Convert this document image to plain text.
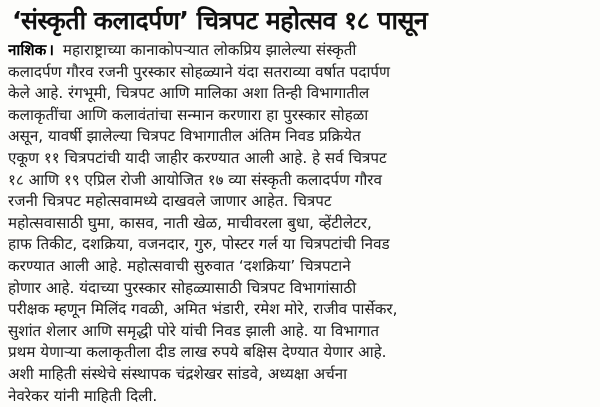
‘संस्कृती कलादर्पण’ चित्रपट महोत्सव १८ पासून
नाशिक । महाराष्ट्राच्या कानाकोपऱ्यात लोकप्रिय झालेल्या संस्कृती
कलादर्पण गौरव रजनी पुरस्कार सोहळ्याने यंदा सतराव्या वर्षात पदार्पण
केले आहे. रंगभूमी, चित्रपट आणि मालिका अशा तिन्ही विभागातील
कलाकृतींचा आणि कलावंतांचा सन्मान करणारा हा पुरस्कार सोहळा
असून, यावर्षी झालेल्या चित्रपट विभागातील अंतिम निवड प्रक्रियेत
एकूण ११ चित्रपटांची यादी जाहीर करण्यात आली आहे. हे सर्व चित्रपट
१८ आणि १९ एप्रिल रोजी आयोजित १७ व्या संस्कृती कलादर्पण गौरव
रजनी चित्रपट महोत्सवामध्ये दाखवले जाणार आहेत. चित्रपट
महोत्सवासाठी घुमा, कासव, नाती खेळ, माचीवरला बुधा, व्हेंटीलेटर,
हाफ तिकीट, दशक्रिया, वजनदार, गुरु, पोस्टर गर्ल या चित्रपटांची निवड
करण्यात आली आहे. महोत्सवाची सुरुवात ‘दशक्रिया’ चित्रपटाने
होणार आहे. यंदाच्या पुरस्कार सोहळ्यासाठी चित्रपट विभागांसाठी
परीक्षक म्हणून मिलिंद गवळी, अमित भंडारी, रमेश मोरे, राजीव पार्सेकर,
सुशांत शेलार आणि समृद्धी पोरे यांची निवड झाली आहे. या विभागात
प्रथम येणाऱ्या कलाकृतीला दीड लाख रुपये बक्षिस देण्यात येणार आहे.
अशी माहिती संस्थेचे संस्थापक चंद्रशेखर सांडवे, अध्यक्षा अर्चना
नेवरेकर यांनी माहिती दिली.
